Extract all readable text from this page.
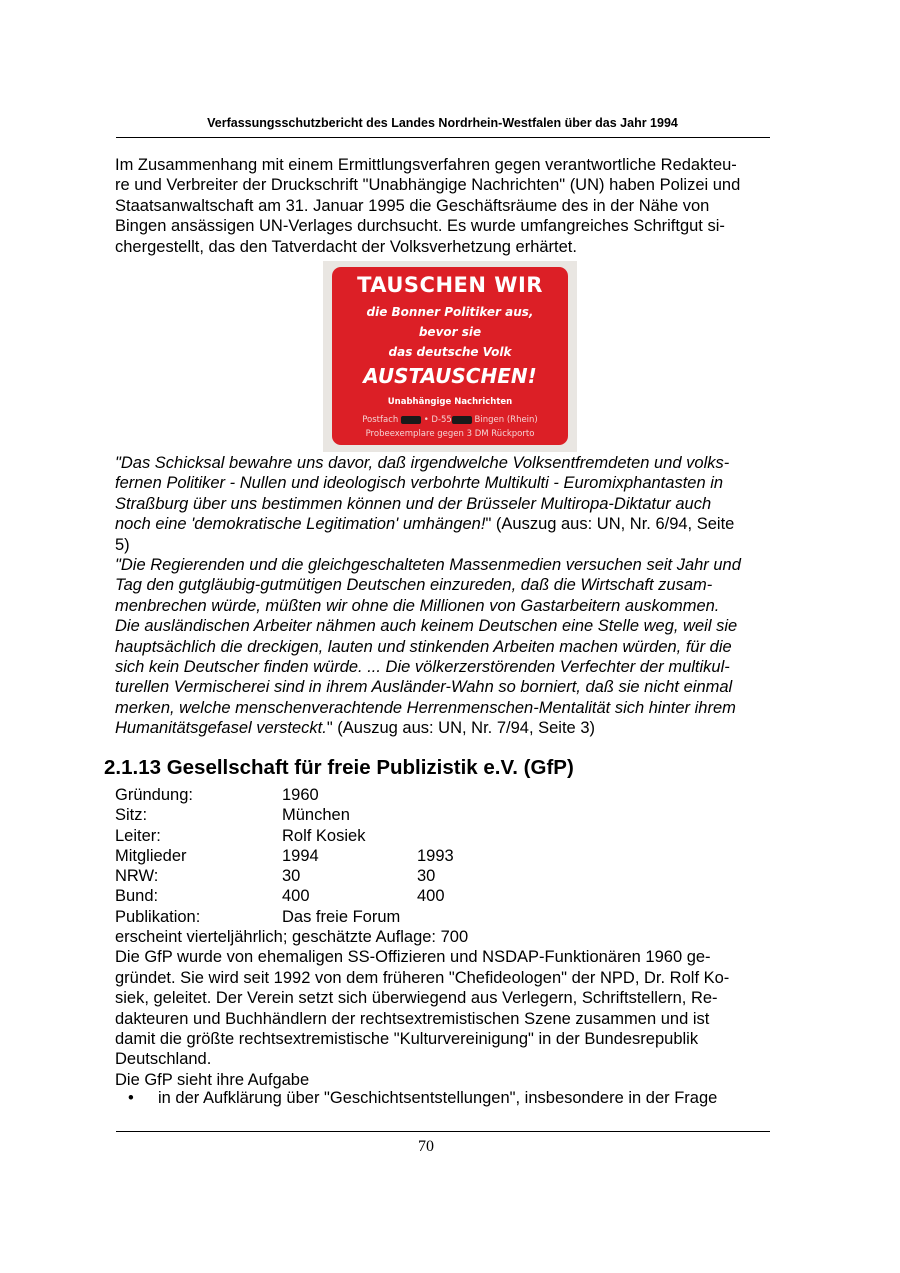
Verfassungsschutzbericht des Landes Nordrhein-Westfalen über das Jahr 1994
Im Zusammenhang mit einem Ermittlungsverfahren gegen verantwortliche Redakteu-
re und Verbreiter der Druckschrift "Unabhängige Nachrichten" (UN) haben Polizei und
Staatsanwaltschaft am 31. Januar 1995 die Geschäftsräume des in der Nähe von
Bingen ansässigen UN-Verlages durchsucht. Es wurde umfangreiches Schriftgut si-
chergestellt, das den Tatverdacht der Volksverhetzung erhärtet.
TAUSCHEN WIR
die Bonner Politiker aus,
bevor sie
das deutsche Volk
AUSTAUSCHEN!
Unabhängige Nachrichten
Postfach	• D-55	Bingen (Rhein)
Probeexemplare gegen 3 DM Rückporto
"Das Schicksal bewahre uns davor, daß irgendwelche Volksentfremdeten und volks-
fernen Politiker - Nullen und ideologisch verbohrte Multikulti - Euromixphantasten in
Straßburg über uns bestimmen können und der Brüsseler Multiropa-Diktatur auch
noch eine 'demokratische Legitimation' umhängen!" (Auszug aus: UN, Nr. 6/94, Seite
5)
"Die Regierenden und die gleichgeschalteten Massenmedien versuchen seit Jahr und
Tag den gutgläubig-gutmütigen Deutschen einzureden, daß die Wirtschaft zusam-
menbrechen würde, müßten wir ohne die Millionen von Gastarbeitern auskommen.
Die ausländischen Arbeiter nähmen auch keinem Deutschen eine Stelle weg, weil sie
hauptsächlich die dreckigen, lauten und stinkenden Arbeiten machen würden, für die
sich kein Deutscher finden würde. ... Die völkerzerstörenden Verfechter der multikul-
turellen Vermischerei sind in ihrem Ausländer-Wahn so borniert, daß sie nicht einmal
merken, welche menschenverachtende Herrenmenschen-Mentalität sich hinter ihrem
Humanitätsgefasel versteckt." (Auszug aus: UN, Nr. 7/94, Seite 3)
2.1.13 Gesellschaft für freie Publizistik e.V. (GfP)
Gründung:	1960
Sitz:	München
Leiter:	Rolf Kosiek
Mitglieder	1994	1993
NRW:	30	30
Bund:	400	400
Publikation:	Das freie Forum
erscheint vierteljährlich; geschätzte Auflage: 700
Die GfP wurde von ehemaligen SS-Offizieren und NSDAP-Funktionären 1960 ge-
gründet. Sie wird seit 1992 von dem früheren "Chefideologen" der NPD, Dr. Rolf Ko-
siek, geleitet. Der Verein setzt sich überwiegend aus Verlegern, Schriftstellern, Re-
dakteuren und Buchhändlern der rechtsextremistischen Szene zusammen und ist
damit die größte rechtsextremistische "Kulturvereinigung" in der Bundesrepublik
Deutschland.
Die GfP sieht ihre Aufgabe
• in der Aufklärung über "Geschichtsentstellungen", insbesondere in der Frage
70
